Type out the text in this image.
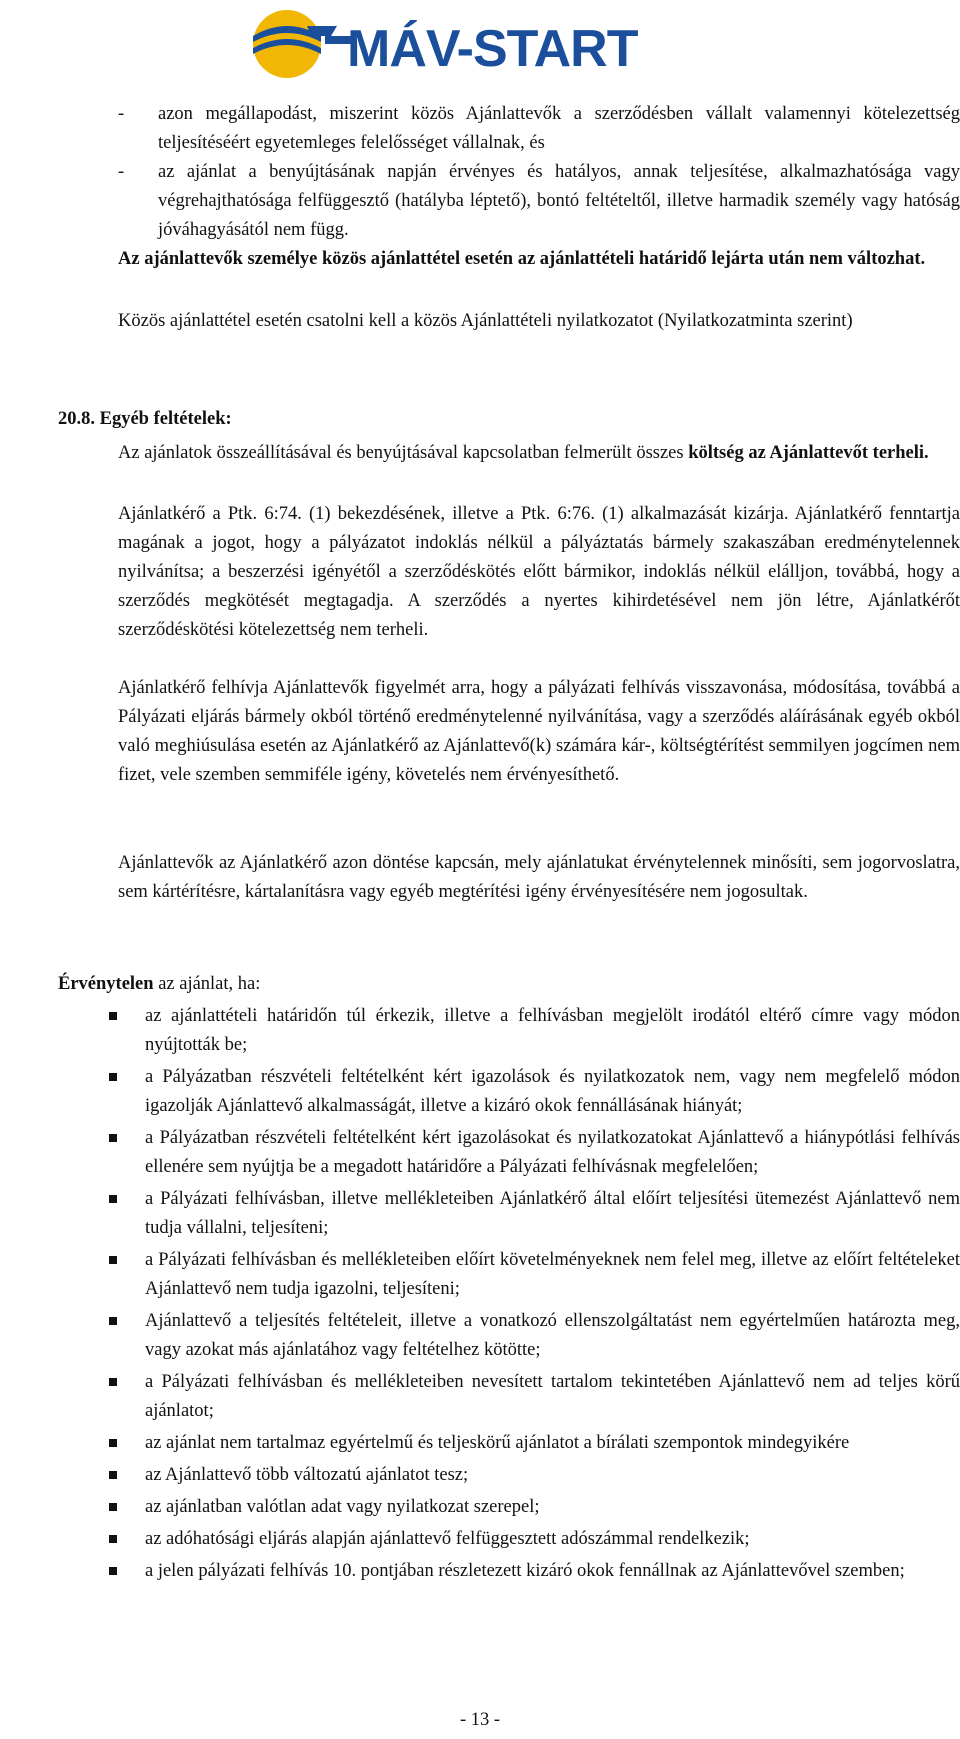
MÁV-START
- azon megállapodást, miszerint közös Ajánlattevők a szerződésben vállalt valamennyi kötelezettség teljesítéséért egyetemleges felelősséget vállalnak, és
- az ajánlat a benyújtásának napján érvényes és hatályos, annak teljesítése, alkalmazhatósága vagy végrehajthatósága felfüggesztő (hatályba léptető), bontó feltételtől, illetve harmadik személy vagy hatóság jóváhagyásától nem függ.
Az ajánlattevők személye közös ajánlattétel esetén az ajánlattételi határidő lejárta után nem változhat.
Közös ajánlattétel esetén csatolni kell a közös Ajánlattételi nyilatkozatot (Nyilatkozatminta szerint)
20.8. Egyéb feltételek:
Az ajánlatok összeállításával és benyújtásával kapcsolatban felmerült összes költség az Ajánlattevőt terheli.
Ajánlatkérő a Ptk. 6:74. (1) bekezdésének, illetve a Ptk. 6:76. (1) alkalmazását kizárja. Ajánlatkérő fenntartja magának a jogot, hogy a pályázatot indoklás nélkül a pályáztatás bármely szakaszában eredménytelennek nyilvánítsa; a beszerzési igényétől a szerződéskötés előtt bármikor, indoklás nélkül elálljon, továbbá, hogy a szerződés megkötését megtagadja. A szerződés a nyertes kihirdetésével nem jön létre, Ajánlatkérőt szerződéskötési kötelezettség nem terheli.
Ajánlatkérő felhívja Ajánlattevők figyelmét arra, hogy a pályázati felhívás visszavonása, módosítása, továbbá a Pályázati eljárás bármely okból történő eredménytelenné nyilvánítása, vagy a szerződés aláírásának egyéb okból való meghiúsulása esetén az Ajánlatkérő az Ajánlattevő(k) számára kár-, költségtérítést semmilyen jogcímen nem fizet, vele szemben semmiféle igény, követelés nem érvényesíthető.
Ajánlattevők az Ajánlatkérő azon döntése kapcsán, mely ajánlatukat érvénytelennek minősíti, sem jogorvoslatra, sem kártérítésre, kártalanításra vagy egyéb megtérítési igény érvényesítésére nem jogosultak.
Érvénytelen az ajánlat, ha:
az ajánlattételi határidőn túl érkezik, illetve a felhívásban megjelölt irodától eltérő címre vagy módon nyújtották be;
a Pályázatban részvételi feltételként kért igazolások és nyilatkozatok nem, vagy nem megfelelő módon igazolják Ajánlattevő alkalmasságát, illetve a kizáró okok fennállásának hiányát;
a Pályázatban részvételi feltételként kért igazolásokat és nyilatkozatokat Ajánlattevő a hiánypótlási felhívás ellenére sem nyújtja be a megadott határidőre a Pályázati felhívásnak megfelelően;
a Pályázati felhívásban, illetve mellékleteiben Ajánlatkérő által előírt teljesítési ütemezést Ajánlattevő nem tudja vállalni, teljesíteni;
a Pályázati felhívásban és mellékleteiben előírt követelményeknek nem felel meg, illetve az előírt feltételeket Ajánlattevő nem tudja igazolni, teljesíteni;
Ajánlattevő a teljesítés feltételeit, illetve a vonatkozó ellenszolgáltatást nem egyértelműen határozta meg, vagy azokat más ajánlatához vagy feltételhez kötötte;
a Pályázati felhívásban és mellékleteiben nevesített tartalom tekintetében Ajánlattevő nem ad teljes körű ajánlatot;
az ajánlat nem tartalmaz egyértelmű és teljeskörű ajánlatot a bírálati szempontok mindegyikére
az Ajánlattevő több változatú ajánlatot tesz;
az ajánlatban valótlan adat vagy nyilatkozat szerepel;
az adóhatósági eljárás alapján ajánlattevő felfüggesztett adószámmal rendelkezik;
a jelen pályázati felhívás 10. pontjában részletezett kizáró okok fennállnak az Ajánlattevővel szemben;
- 13 -
